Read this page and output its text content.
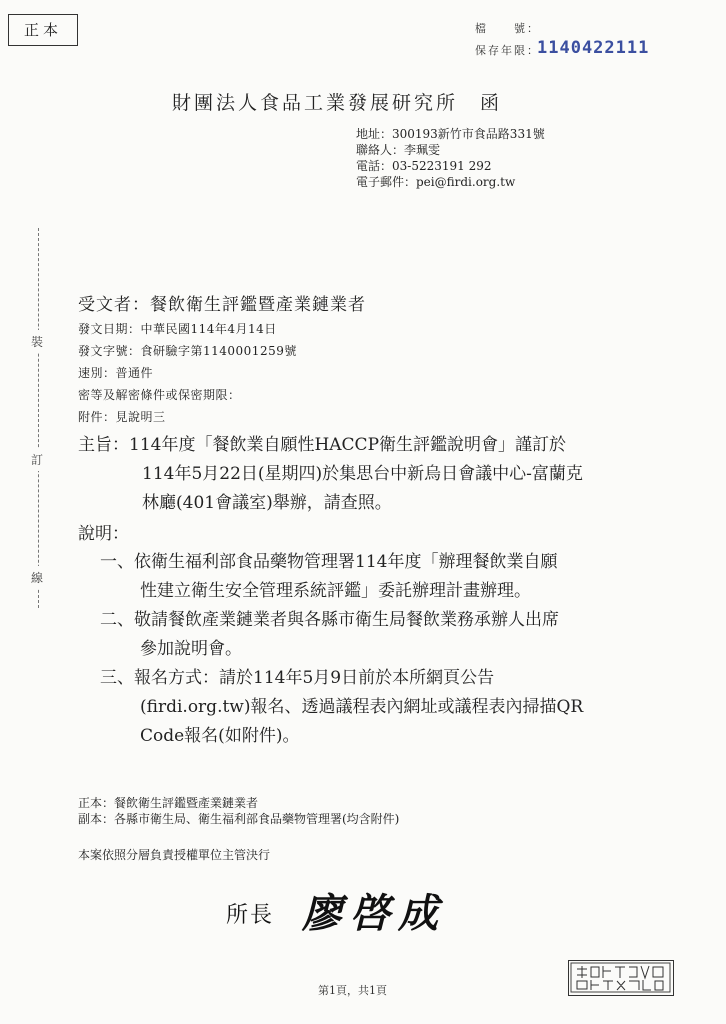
正本	檔　　號：
保存年限：
1140422111
財團法人食品工業發展研究所 函
地址：300193新竹市食品路331號
聯絡人：李珮雯
電話：03-5223191 292
電子郵件：pei@firdi.org.tw
裝
訂
線
受文者：餐飲衛生評鑑暨產業鏈業者
發文日期：中華民國114年4月14日
發文字號：食研驗字第1140001259號
速別：普通件
密等及解密條件或保密期限：
附件：見說明三
主旨：114年度「餐飲業自願性HACCP衛生評鑑說明會」謹訂於
114年5月22日(星期四)於集思台中新烏日會議中心-富蘭克
林廳(401會議室)舉辦，請查照。
說明：
一、依衛生福利部食品藥物管理署114年度「辦理餐飲業自願
性建立衛生安全管理系統評鑑」委託辦理計畫辦理。
二、敬請餐飲產業鏈業者與各縣市衛生局餐飲業務承辦人出席
參加說明會。
三、報名方式：請於114年5月9日前於本所網頁公告
(firdi.org.tw)報名、透過議程表內網址或議程表內掃描QR
Code報名(如附件)。
正本：餐飲衛生評鑑暨產業鏈業者
副本：各縣市衛生局、衛生福利部食品藥物管理署(均含附件)
本案依照分層負責授權單位主管決行
所長 廖啓成
第1頁，共1頁
